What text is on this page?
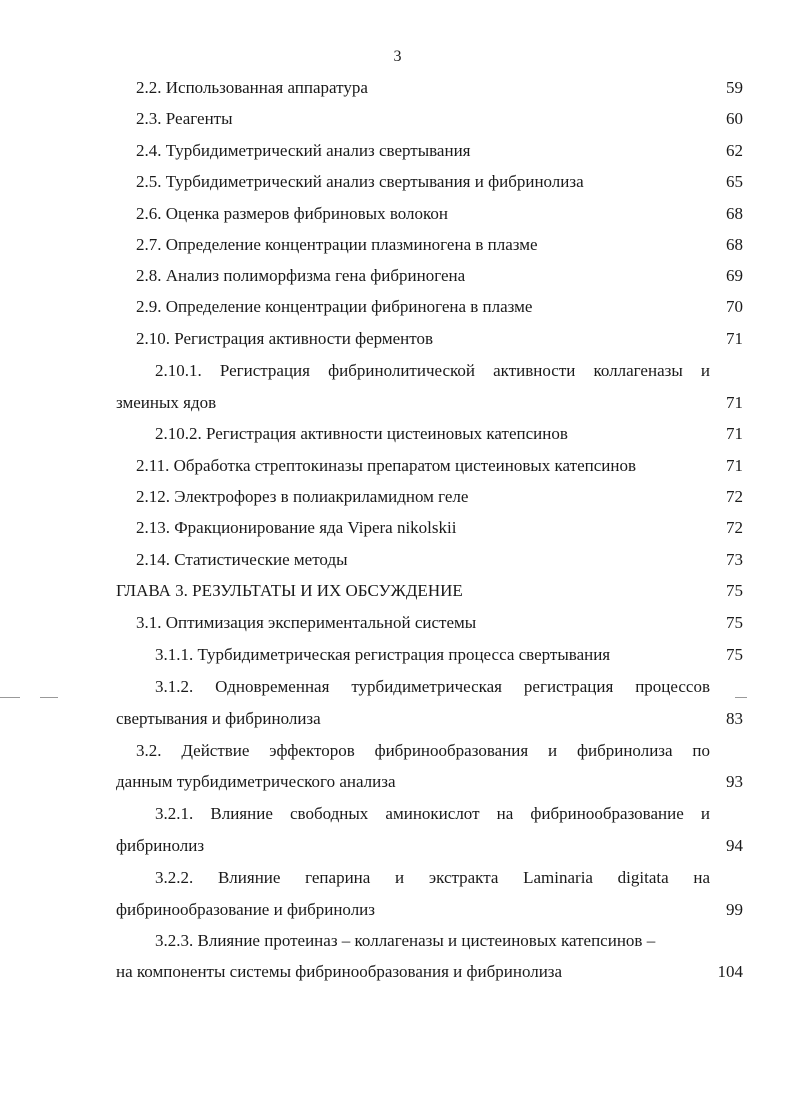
3
2.2. Использованная аппаратура	59
2.3. Реагенты	60
2.4. Турбидиметрический анализ свертывания	62
2.5. Турбидиметрический анализ свертывания и фибринолиза	65
2.6. Оценка размеров фибриновых волокон	68
2.7. Определение концентрации плазминогена в плазме	68
2.8. Анализ полиморфизма гена фибриногена	69
2.9. Определение концентрации фибриногена в плазме	70
2.10. Регистрация активности ферментов	71
2.10.1. Регистрация фибринолитической активности коллагеназы и
змеиных ядов	71
2.10.2. Регистрация активности цистеиновых катепсинов	71
2.11. Обработка стрептокиназы препаратом цистеиновых катепсинов	71
2.12. Электрофорез в полиакриламидном геле	72
2.13. Фракционирование яда Vipera nikolskii	72
2.14. Статистические методы	73
ГЛАВА 3. РЕЗУЛЬТАТЫ И ИХ ОБСУЖДЕНИЕ	75
3.1. Оптимизация экспериментальной системы	75
3.1.1. Турбидиметрическая регистрация процесса свертывания	75
3.1.2. Одновременная турбидиметрическая регистрация процессов
свертывания и фибринолиза	83
3.2. Действие эффекторов фибринообразования и фибринолиза по
данным турбидиметрического анализа	93
3.2.1. Влияние свободных аминокислот на фибринообразование и
фибринолиз	94
3.2.2. Влияние гепарина и экстракта Laminaria digitata на
фибринообразование и фибринолиз	99
3.2.3. Влияние протеиназ – коллагеназы и цистеиновых катепсинов –
на компоненты системы фибринообразования и фибринолиза	104
